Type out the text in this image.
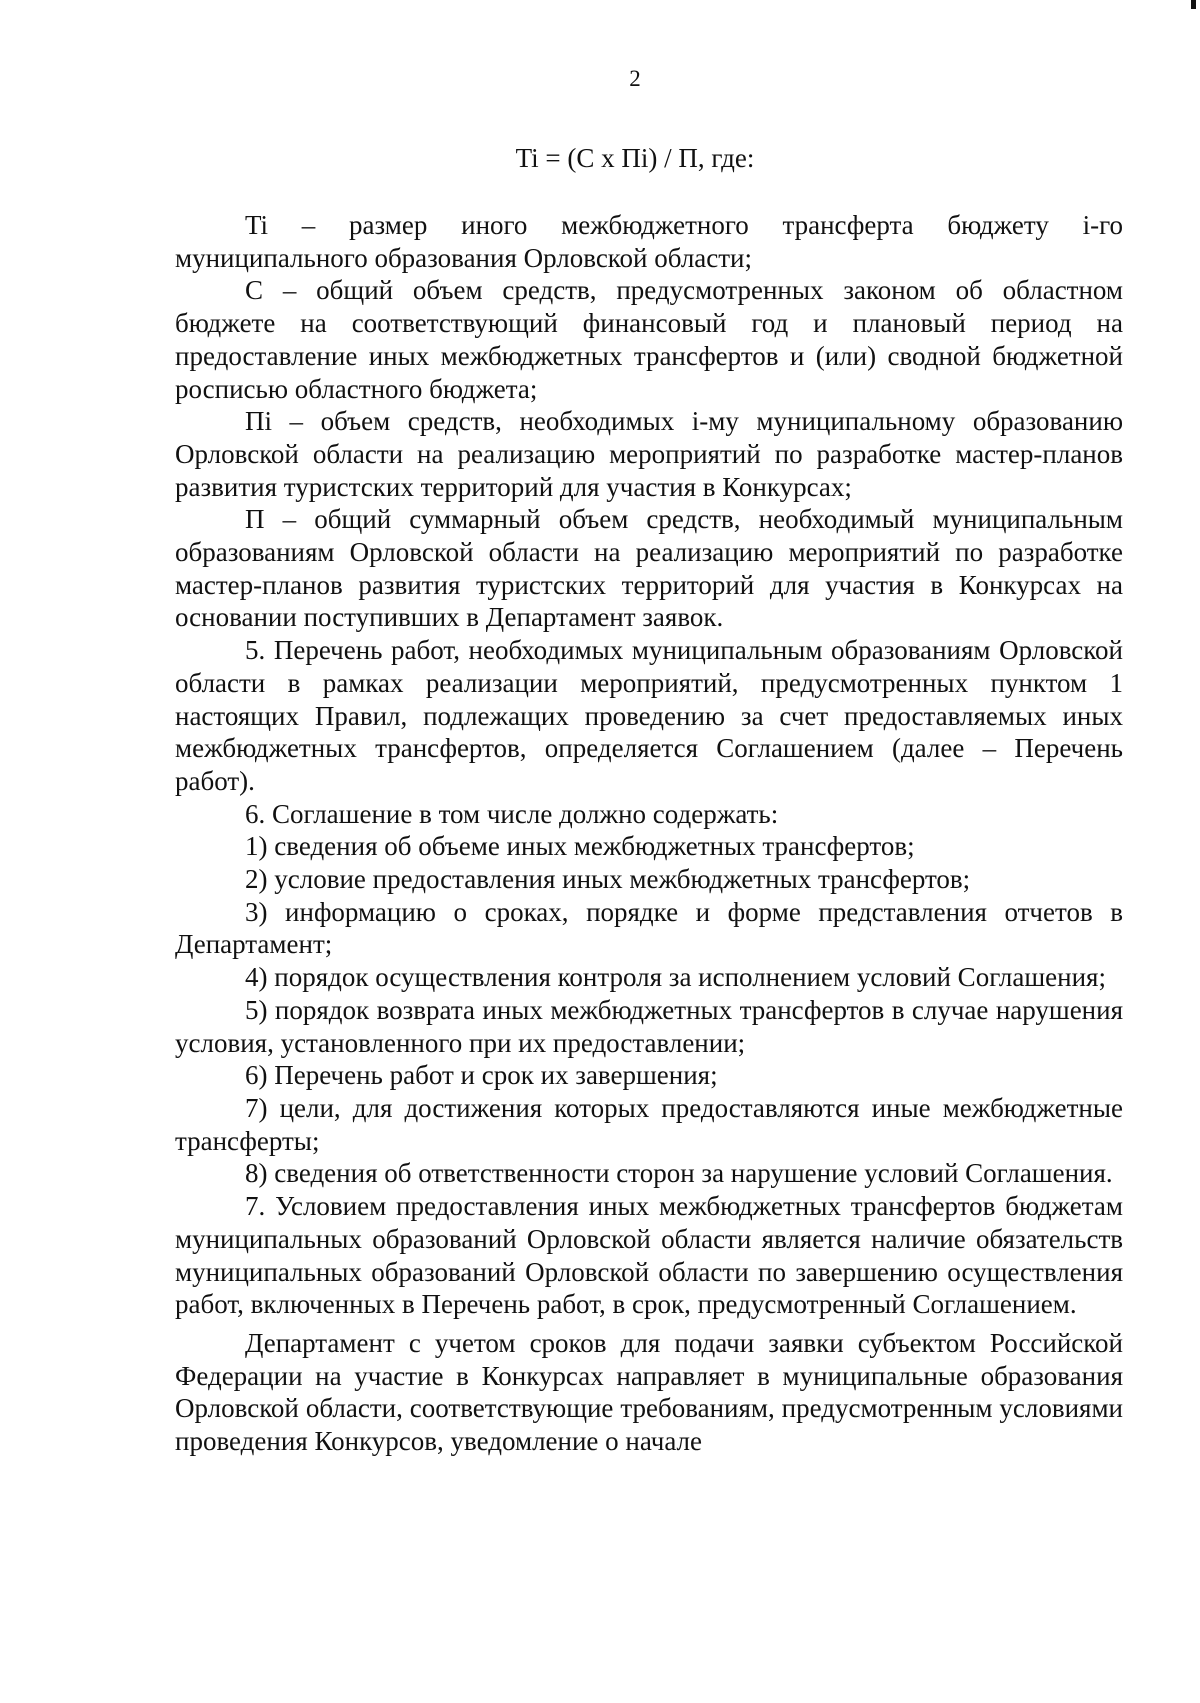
2
Ti = (C x Пi) / П, где:

Ti – размер иного межбюджетного трансферта бюджету i-го муниципального образования Орловской области;

С – общий объем средств, предусмотренных законом об областном бюджете на соответствующий финансовый год и плановый период на предоставление иных межбюджетных трансфертов и (или) сводной бюджетной росписью областного бюджета;

Пi – объем средств, необходимых i-му муниципальному образованию Орловской области на реализацию мероприятий по разработке мастер-планов развития туристских территорий для участия в Конкурсах;

П – общий суммарный объем средств, необходимый муниципальным образованиям Орловской области на реализацию мероприятий по разработке мастер-планов развития туристских территорий для участия в Конкурсах на основании поступивших в Департамент заявок.

5. Перечень работ, необходимых муниципальным образованиям Орловской области в рамках реализации мероприятий, предусмотренных пунктом 1 настоящих Правил, подлежащих проведению за счет предоставляемых иных межбюджетных трансфертов, определяется Соглашением (далее – Перечень работ).

6. Соглашение в том числе должно содержать:

1) сведения об объеме иных межбюджетных трансфертов;

2) условие предоставления иных межбюджетных трансфертов;

3) информацию о сроках, порядке и форме представления отчетов в Департамент;

4) порядок осуществления контроля за исполнением условий Соглашения;

5) порядок возврата иных межбюджетных трансфертов в случае нарушения условия, установленного при их предоставлении;

6) Перечень работ и срок их завершения;

7) цели, для достижения которых предоставляются иные межбюджетные трансферты;

8) сведения об ответственности сторон за нарушение условий Соглашения.

7. Условием предоставления иных межбюджетных трансфертов бюджетам муниципальных образований Орловской области является наличие обязательств муниципальных образований Орловской области по завершению осуществления работ, включенных в Перечень работ, в срок, предусмотренный Соглашением.

Департамент с учетом сроков для подачи заявки субъектом Российской Федерации на участие в Конкурсах направляет в муниципальные образования Орловской области, соответствующие требованиям, предусмотренным условиями проведения Конкурсов, уведомление о начале
